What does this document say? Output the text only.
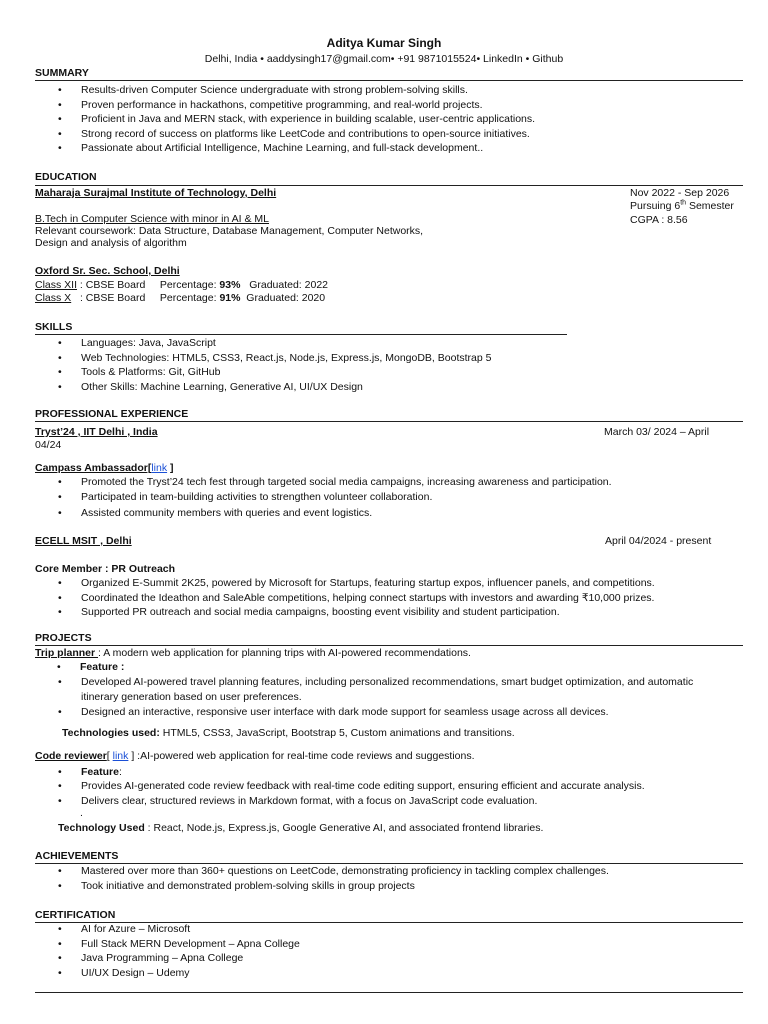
Aditya Kumar Singh
Delhi, India • aaddysingh17@gmail.com• +91 9871015524• LinkedIn • Github
SUMMARY
• Results-driven Computer Science undergraduate with strong problem-solving skills.
• Proven performance in hackathons, competitive programming, and real-world projects.
• Proficient in Java and MERN stack, with experience in building scalable, user-centric applications.
• Strong record of success on platforms like LeetCode and contributions to open-source initiatives.
• Passionate about Artificial Intelligence, Machine Learning, and full-stack development..
EDUCATION
Maharaja Surajmal Institute of Technology, Delhi	Nov 2022 - Sep 2026
Pursuing 6th Semester
CGPA : 8.56
B.Tech in Computer Science with minor in AI & ML
Relevant coursework: Data Structure, Database Management, Computer Networks,
Design and analysis of algorithm
Oxford Sr. Sec. School, Delhi
Class XII : CBSE Board     Percentage: 93%   Graduated: 2022
Class X   : CBSE Board     Percentage: 91%  Graduated: 2020
SKILLS
• Languages: Java, JavaScript
• Web Technologies: HTML5, CSS3, React.js, Node.js, Express.js, MongoDB, Bootstrap 5
• Tools & Platforms: Git, GitHub
• Other Skills: Machine Learning, Generative AI, UI/UX Design
PROFESSIONAL EXPERIENCE
Tryst’24 , IIT Delhi , India	March 03/ 2024 – April
04/24
Campass Ambassador[link ]
• Promoted the Tryst’24 tech fest through targeted social media campaigns, increasing awareness and participation.
• Participated in team-building activities to strengthen volunteer collaboration.
• Assisted community members with queries and event logistics.
ECELL MSIT , Delhi	April 04/2024 - present
Core Member : PR Outreach
• Organized E-Summit 2K25, powered by Microsoft for Startups, featuring startup expos, influencer panels, and competitions.
• Coordinated the Ideathon and SaleAble competitions, helping connect startups with investors and awarding ₹10,000 prizes.
• Supported PR outreach and social media campaigns, boosting event visibility and student participation.
PROJECTS
Trip planner : A modern web application for planning trips with AI-powered recommendations.
• Feature :
• Developed AI-powered travel planning features, including personalized recommendations, smart budget optimization, and automatic itinerary generation based on user preferences.
• Designed an interactive, responsive user interface with dark mode support for seamless usage across all devices.
Technologies used: HTML5, CSS3, JavaScript, Bootstrap 5, Custom animations and transitions.
Code reviewer[ link ] :AI-powered web application for real-time code reviews and suggestions.
• Feature:
• Provides AI-generated code review feedback with real-time code editing support, ensuring efficient and accurate analysis.
• Delivers clear, structured reviews in Markdown format, with a focus on JavaScript code evaluation.
.
Technology Used : React, Node.js, Express.js, Google Generative AI, and associated frontend libraries.
ACHIEVEMENTS
• Mastered over more than 360+ questions on LeetCode, demonstrating proficiency in tackling complex challenges.
• Took initiative and demonstrated problem-solving skills in group projects
CERTIFICATION
• AI for Azure – Microsoft
• Full Stack MERN Development – Apna College
• Java Programming – Apna College
• UI/UX Design – Udemy
